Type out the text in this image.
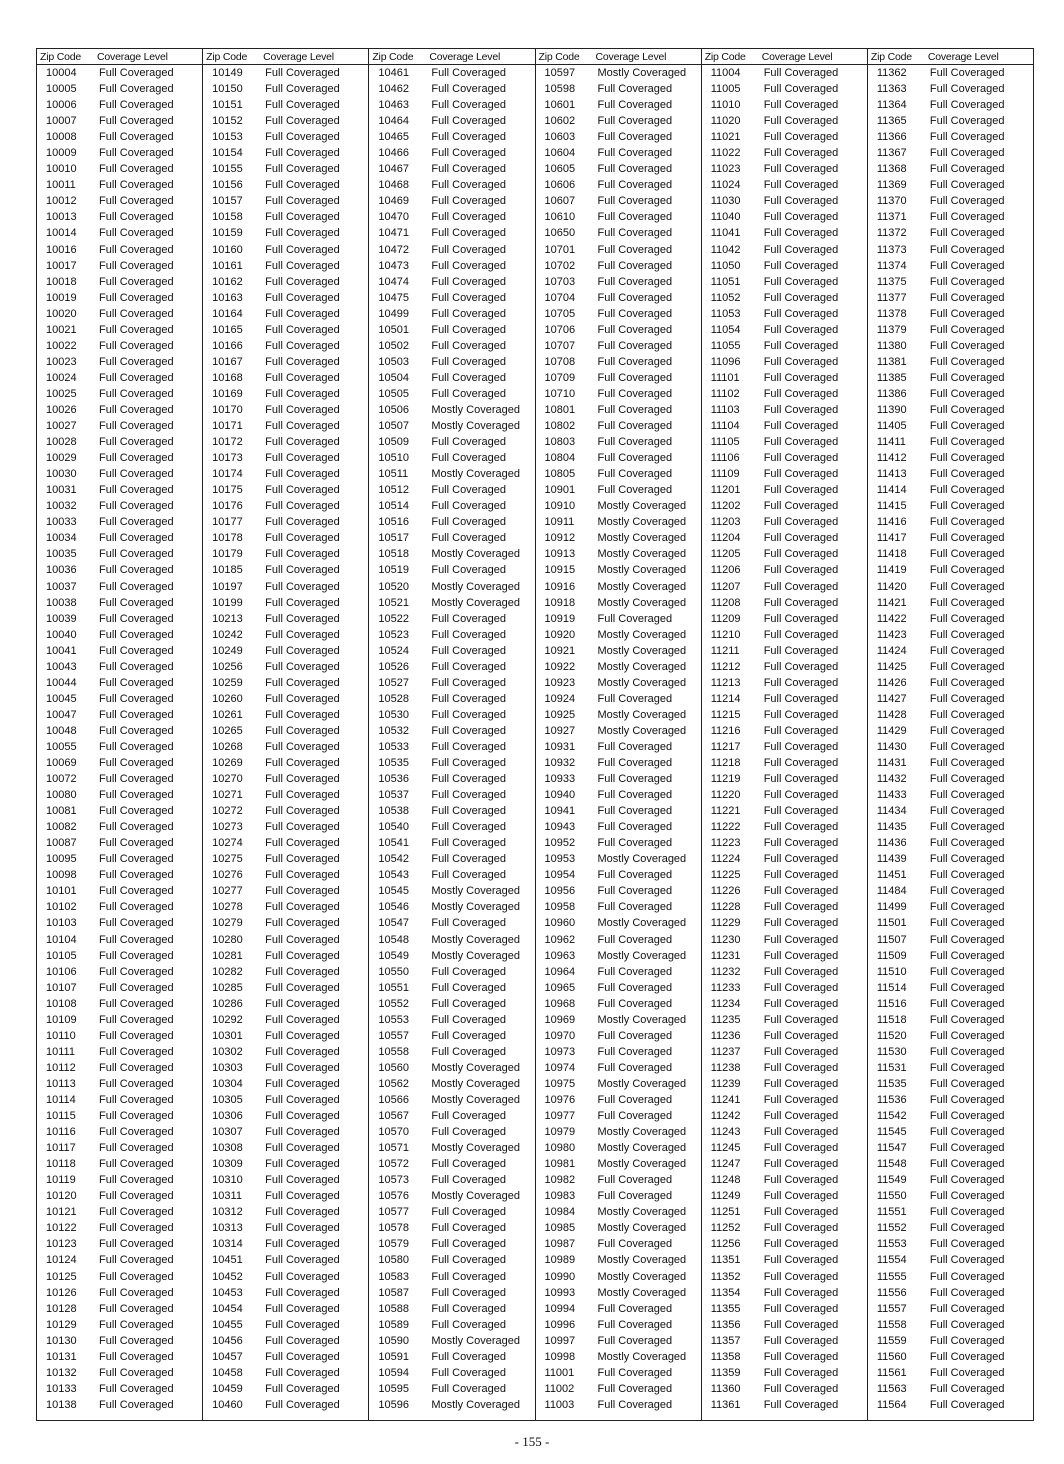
Zip Code	Coverage Level
10004	Full Coveraged
10005	Full Coveraged
10006	Full Coveraged
10007	Full Coveraged
10008	Full Coveraged
10009	Full Coveraged
10010	Full Coveraged
10011	Full Coveraged
10012	Full Coveraged
10013	Full Coveraged
10014	Full Coveraged
10016	Full Coveraged
10017	Full Coveraged
10018	Full Coveraged
10019	Full Coveraged
10020	Full Coveraged
10021	Full Coveraged
10022	Full Coveraged
10023	Full Coveraged
10024	Full Coveraged
10025	Full Coveraged
10026	Full Coveraged
10027	Full Coveraged
10028	Full Coveraged
10029	Full Coveraged
10030	Full Coveraged
10031	Full Coveraged
10032	Full Coveraged
10033	Full Coveraged
10034	Full Coveraged
10035	Full Coveraged
10036	Full Coveraged
10037	Full Coveraged
10038	Full Coveraged
10039	Full Coveraged
10040	Full Coveraged
10041	Full Coveraged
10043	Full Coveraged
10044	Full Coveraged
10045	Full Coveraged
10047	Full Coveraged
10048	Full Coveraged
10055	Full Coveraged
10069	Full Coveraged
10072	Full Coveraged
10080	Full Coveraged
10081	Full Coveraged
10082	Full Coveraged
10087	Full Coveraged
10095	Full Coveraged
10098	Full Coveraged
10101	Full Coveraged
10102	Full Coveraged
10103	Full Coveraged
10104	Full Coveraged
10105	Full Coveraged
10106	Full Coveraged
10107	Full Coveraged
10108	Full Coveraged
10109	Full Coveraged
10110	Full Coveraged
10111	Full Coveraged
10112	Full Coveraged
10113	Full Coveraged
10114	Full Coveraged
10115	Full Coveraged
10116	Full Coveraged
10117	Full Coveraged
10118	Full Coveraged
10119	Full Coveraged
10120	Full Coveraged
10121	Full Coveraged
10122	Full Coveraged
10123	Full Coveraged
10124	Full Coveraged
10125	Full Coveraged
10126	Full Coveraged
10128	Full Coveraged
10129	Full Coveraged
10130	Full Coveraged
10131	Full Coveraged
10132	Full Coveraged
10133	Full Coveraged
10138	Full Coveraged
Zip Code	Coverage Level
10149	Full Coveraged
10150	Full Coveraged
10151	Full Coveraged
10152	Full Coveraged
10153	Full Coveraged
10154	Full Coveraged
10155	Full Coveraged
10156	Full Coveraged
10157	Full Coveraged
10158	Full Coveraged
10159	Full Coveraged
10160	Full Coveraged
10161	Full Coveraged
10162	Full Coveraged
10163	Full Coveraged
10164	Full Coveraged
10165	Full Coveraged
10166	Full Coveraged
10167	Full Coveraged
10168	Full Coveraged
10169	Full Coveraged
10170	Full Coveraged
10171	Full Coveraged
10172	Full Coveraged
10173	Full Coveraged
10174	Full Coveraged
10175	Full Coveraged
10176	Full Coveraged
10177	Full Coveraged
10178	Full Coveraged
10179	Full Coveraged
10185	Full Coveraged
10197	Full Coveraged
10199	Full Coveraged
10213	Full Coveraged
10242	Full Coveraged
10249	Full Coveraged
10256	Full Coveraged
10259	Full Coveraged
10260	Full Coveraged
10261	Full Coveraged
10265	Full Coveraged
10268	Full Coveraged
10269	Full Coveraged
10270	Full Coveraged
10271	Full Coveraged
10272	Full Coveraged
10273	Full Coveraged
10274	Full Coveraged
10275	Full Coveraged
10276	Full Coveraged
10277	Full Coveraged
10278	Full Coveraged
10279	Full Coveraged
10280	Full Coveraged
10281	Full Coveraged
10282	Full Coveraged
10285	Full Coveraged
10286	Full Coveraged
10292	Full Coveraged
10301	Full Coveraged
10302	Full Coveraged
10303	Full Coveraged
10304	Full Coveraged
10305	Full Coveraged
10306	Full Coveraged
10307	Full Coveraged
10308	Full Coveraged
10309	Full Coveraged
10310	Full Coveraged
10311	Full Coveraged
10312	Full Coveraged
10313	Full Coveraged
10314	Full Coveraged
10451	Full Coveraged
10452	Full Coveraged
10453	Full Coveraged
10454	Full Coveraged
10455	Full Coveraged
10456	Full Coveraged
10457	Full Coveraged
10458	Full Coveraged
10459	Full Coveraged
10460	Full Coveraged
Zip Code	Coverage Level
10461	Full Coveraged
10462	Full Coveraged
10463	Full Coveraged
10464	Full Coveraged
10465	Full Coveraged
10466	Full Coveraged
10467	Full Coveraged
10468	Full Coveraged
10469	Full Coveraged
10470	Full Coveraged
10471	Full Coveraged
10472	Full Coveraged
10473	Full Coveraged
10474	Full Coveraged
10475	Full Coveraged
10499	Full Coveraged
10501	Full Coveraged
10502	Full Coveraged
10503	Full Coveraged
10504	Full Coveraged
10505	Full Coveraged
10506	Mostly Coveraged
10507	Mostly Coveraged
10509	Full Coveraged
10510	Full Coveraged
10511	Mostly Coveraged
10512	Full Coveraged
10514	Full Coveraged
10516	Full Coveraged
10517	Full Coveraged
10518	Mostly Coveraged
10519	Full Coveraged
10520	Mostly Coveraged
10521	Mostly Coveraged
10522	Full Coveraged
10523	Full Coveraged
10524	Full Coveraged
10526	Full Coveraged
10527	Full Coveraged
10528	Full Coveraged
10530	Full Coveraged
10532	Full Coveraged
10533	Full Coveraged
10535	Full Coveraged
10536	Full Coveraged
10537	Full Coveraged
10538	Full Coveraged
10540	Full Coveraged
10541	Full Coveraged
10542	Full Coveraged
10543	Full Coveraged
10545	Mostly Coveraged
10546	Mostly Coveraged
10547	Full Coveraged
10548	Mostly Coveraged
10549	Mostly Coveraged
10550	Full Coveraged
10551	Full Coveraged
10552	Full Coveraged
10553	Full Coveraged
10557	Full Coveraged
10558	Full Coveraged
10560	Mostly Coveraged
10562	Mostly Coveraged
10566	Mostly Coveraged
10567	Full Coveraged
10570	Full Coveraged
10571	Mostly Coveraged
10572	Full Coveraged
10573	Full Coveraged
10576	Mostly Coveraged
10577	Full Coveraged
10578	Full Coveraged
10579	Full Coveraged
10580	Full Coveraged
10583	Full Coveraged
10587	Full Coveraged
10588	Full Coveraged
10589	Full Coveraged
10590	Mostly Coveraged
10591	Full Coveraged
10594	Full Coveraged
10595	Full Coveraged
10596	Mostly Coveraged
Zip Code	Coverage Level
10597	Mostly Coveraged
10598	Full Coveraged
10601	Full Coveraged
10602	Full Coveraged
10603	Full Coveraged
10604	Full Coveraged
10605	Full Coveraged
10606	Full Coveraged
10607	Full Coveraged
10610	Full Coveraged
10650	Full Coveraged
10701	Full Coveraged
10702	Full Coveraged
10703	Full Coveraged
10704	Full Coveraged
10705	Full Coveraged
10706	Full Coveraged
10707	Full Coveraged
10708	Full Coveraged
10709	Full Coveraged
10710	Full Coveraged
10801	Full Coveraged
10802	Full Coveraged
10803	Full Coveraged
10804	Full Coveraged
10805	Full Coveraged
10901	Full Coveraged
10910	Mostly Coveraged
10911	Mostly Coveraged
10912	Mostly Coveraged
10913	Mostly Coveraged
10915	Mostly Coveraged
10916	Mostly Coveraged
10918	Mostly Coveraged
10919	Full Coveraged
10920	Mostly Coveraged
10921	Mostly Coveraged
10922	Mostly Coveraged
10923	Mostly Coveraged
10924	Full Coveraged
10925	Mostly Coveraged
10927	Mostly Coveraged
10931	Full Coveraged
10932	Full Coveraged
10933	Full Coveraged
10940	Full Coveraged
10941	Full Coveraged
10943	Full Coveraged
10952	Full Coveraged
10953	Mostly Coveraged
10954	Full Coveraged
10956	Full Coveraged
10958	Full Coveraged
10960	Mostly Coveraged
10962	Full Coveraged
10963	Mostly Coveraged
10964	Full Coveraged
10965	Full Coveraged
10968	Full Coveraged
10969	Mostly Coveraged
10970	Full Coveraged
10973	Full Coveraged
10974	Full Coveraged
10975	Mostly Coveraged
10976	Full Coveraged
10977	Full Coveraged
10979	Mostly Coveraged
10980	Mostly Coveraged
10981	Mostly Coveraged
10982	Full Coveraged
10983	Full Coveraged
10984	Mostly Coveraged
10985	Mostly Coveraged
10987	Full Coveraged
10989	Mostly Coveraged
10990	Mostly Coveraged
10993	Mostly Coveraged
10994	Full Coveraged
10996	Full Coveraged
10997	Full Coveraged
10998	Mostly Coveraged
11001	Full Coveraged
11002	Full Coveraged
11003	Full Coveraged
Zip Code	Coverage Level
11004	Full Coveraged
11005	Full Coveraged
11010	Full Coveraged
11020	Full Coveraged
11021	Full Coveraged
11022	Full Coveraged
11023	Full Coveraged
11024	Full Coveraged
11030	Full Coveraged
11040	Full Coveraged
11041	Full Coveraged
11042	Full Coveraged
11050	Full Coveraged
11051	Full Coveraged
11052	Full Coveraged
11053	Full Coveraged
11054	Full Coveraged
11055	Full Coveraged
11096	Full Coveraged
11101	Full Coveraged
11102	Full Coveraged
11103	Full Coveraged
11104	Full Coveraged
11105	Full Coveraged
11106	Full Coveraged
11109	Full Coveraged
11201	Full Coveraged
11202	Full Coveraged
11203	Full Coveraged
11204	Full Coveraged
11205	Full Coveraged
11206	Full Coveraged
11207	Full Coveraged
11208	Full Coveraged
11209	Full Coveraged
11210	Full Coveraged
11211	Full Coveraged
11212	Full Coveraged
11213	Full Coveraged
11214	Full Coveraged
11215	Full Coveraged
11216	Full Coveraged
11217	Full Coveraged
11218	Full Coveraged
11219	Full Coveraged
11220	Full Coveraged
11221	Full Coveraged
11222	Full Coveraged
11223	Full Coveraged
11224	Full Coveraged
11225	Full Coveraged
11226	Full Coveraged
11228	Full Coveraged
11229	Full Coveraged
11230	Full Coveraged
11231	Full Coveraged
11232	Full Coveraged
11233	Full Coveraged
11234	Full Coveraged
11235	Full Coveraged
11236	Full Coveraged
11237	Full Coveraged
11238	Full Coveraged
11239	Full Coveraged
11241	Full Coveraged
11242	Full Coveraged
11243	Full Coveraged
11245	Full Coveraged
11247	Full Coveraged
11248	Full Coveraged
11249	Full Coveraged
11251	Full Coveraged
11252	Full Coveraged
11256	Full Coveraged
11351	Full Coveraged
11352	Full Coveraged
11354	Full Coveraged
11355	Full Coveraged
11356	Full Coveraged
11357	Full Coveraged
11358	Full Coveraged
11359	Full Coveraged
11360	Full Coveraged
11361	Full Coveraged
Zip Code	Coverage Level
11362	Full Coveraged
11363	Full Coveraged
11364	Full Coveraged
11365	Full Coveraged
11366	Full Coveraged
11367	Full Coveraged
11368	Full Coveraged
11369	Full Coveraged
11370	Full Coveraged
11371	Full Coveraged
11372	Full Coveraged
11373	Full Coveraged
11374	Full Coveraged
11375	Full Coveraged
11377	Full Coveraged
11378	Full Coveraged
11379	Full Coveraged
11380	Full Coveraged
11381	Full Coveraged
11385	Full Coveraged
11386	Full Coveraged
11390	Full Coveraged
11405	Full Coveraged
11411	Full Coveraged
11412	Full Coveraged
11413	Full Coveraged
11414	Full Coveraged
11415	Full Coveraged
11416	Full Coveraged
11417	Full Coveraged
11418	Full Coveraged
11419	Full Coveraged
11420	Full Coveraged
11421	Full Coveraged
11422	Full Coveraged
11423	Full Coveraged
11424	Full Coveraged
11425	Full Coveraged
11426	Full Coveraged
11427	Full Coveraged
11428	Full Coveraged
11429	Full Coveraged
11430	Full Coveraged
11431	Full Coveraged
11432	Full Coveraged
11433	Full Coveraged
11434	Full Coveraged
11435	Full Coveraged
11436	Full Coveraged
11439	Full Coveraged
11451	Full Coveraged
11484	Full Coveraged
11499	Full Coveraged
11501	Full Coveraged
11507	Full Coveraged
11509	Full Coveraged
11510	Full Coveraged
11514	Full Coveraged
11516	Full Coveraged
11518	Full Coveraged
11520	Full Coveraged
11530	Full Coveraged
11531	Full Coveraged
11535	Full Coveraged
11536	Full Coveraged
11542	Full Coveraged
11545	Full Coveraged
11547	Full Coveraged
11548	Full Coveraged
11549	Full Coveraged
11550	Full Coveraged
11551	Full Coveraged
11552	Full Coveraged
11553	Full Coveraged
11554	Full Coveraged
11555	Full Coveraged
11556	Full Coveraged
11557	Full Coveraged
11558	Full Coveraged
11559	Full Coveraged
11560	Full Coveraged
11561	Full Coveraged
11563	Full Coveraged
11564	Full Coveraged
- 155 -
